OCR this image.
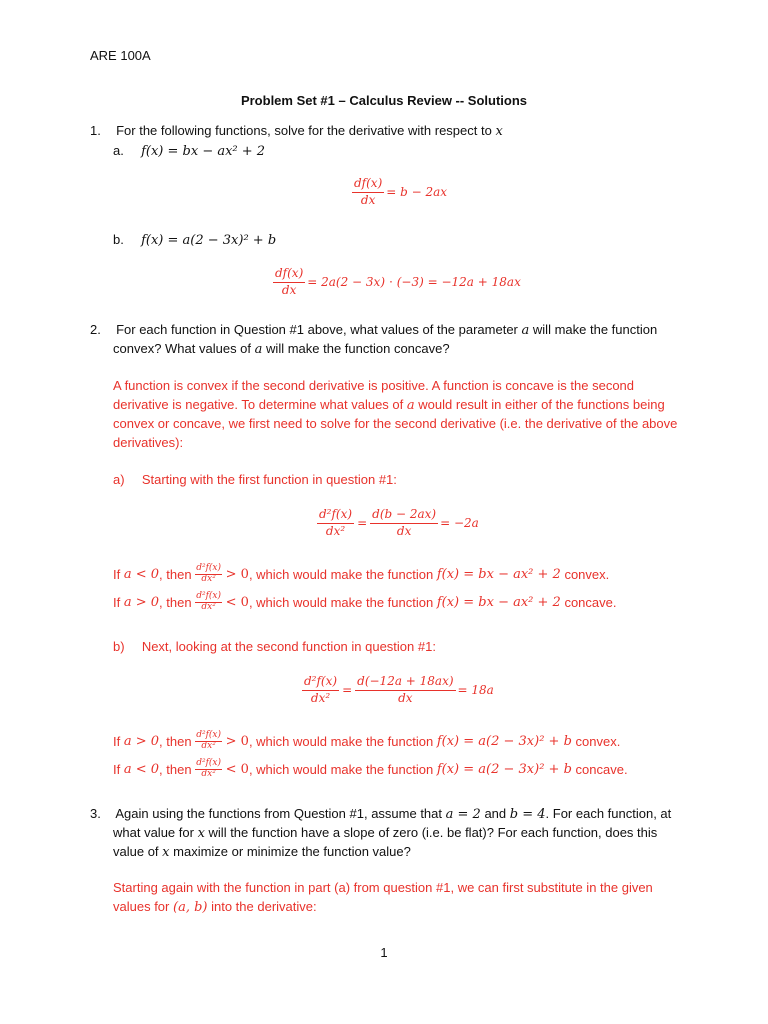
ARE 100A
Problem Set #1 – Calculus Review -- Solutions
1. For the following functions, solve for the derivative with respect to x
a. f(x) = bx − ax² + 2
$\frac{df(x)}{dx} = b - 2ax$
b. f(x) = a(2 − 3x)² + b
$\frac{df(x)}{dx} = 2a(2 - 3x) \cdot (-3) = -12a + 18ax$
2. For each function in Question #1 above, what values of the parameter a will make the function
convex? What values of a will make the function concave?
A function is convex if the second derivative is positive. A function is concave is the second
derivative is negative. To determine what values of a would result in either of the functions being
convex or concave, we first need to solve for the second derivative (i.e. the derivative of the above
derivatives):
a) Starting with the first function in question #1:
$\frac{\text{d²f(x)}}{\text{dx²}} = \frac{d(b - 2ax)}{dx} = -2a$
If
a < 0 , then
$\frac{\text{d²f(x)}}{\text{dx²}}$
> 0 , which would make the function
f(x) = bx − ax² + 2
convex.
If
a > 0 , then
$\frac{\text{d²f(x)}}{\text{dx²}}$
< 0 , which would make the function
f(x) = bx − ax² + 2
concave.
b) Next, looking at the second function in question #1:
$\frac{\text{d²f(x)}}{\text{dx²}} = \frac{d(-12a + 18ax)}{dx} = 18a$
If
a > 0 , then
$\frac{\text{d²f(x)}}{\text{dx²}}$
> 0 , which would make the function
f(x) = a(2 − 3x)² + b
convex.
If
a < 0 , then
$\frac{\text{d²f(x)}}{\text{dx²}}$
< 0 , which would make the function
f(x) = a(2 − 3x)² + b
concave.
3. Again using the functions from Question #1, assume that a = 2 and b = 4. For each function, at
what value for x will the function have a slope of zero (i.e. be flat)? For each function, does this
value of x maximize or minimize the function value?
Starting again with the function in part (a) from question #1, we can first substitute in the given
values for (a, b) into the derivative:
1
